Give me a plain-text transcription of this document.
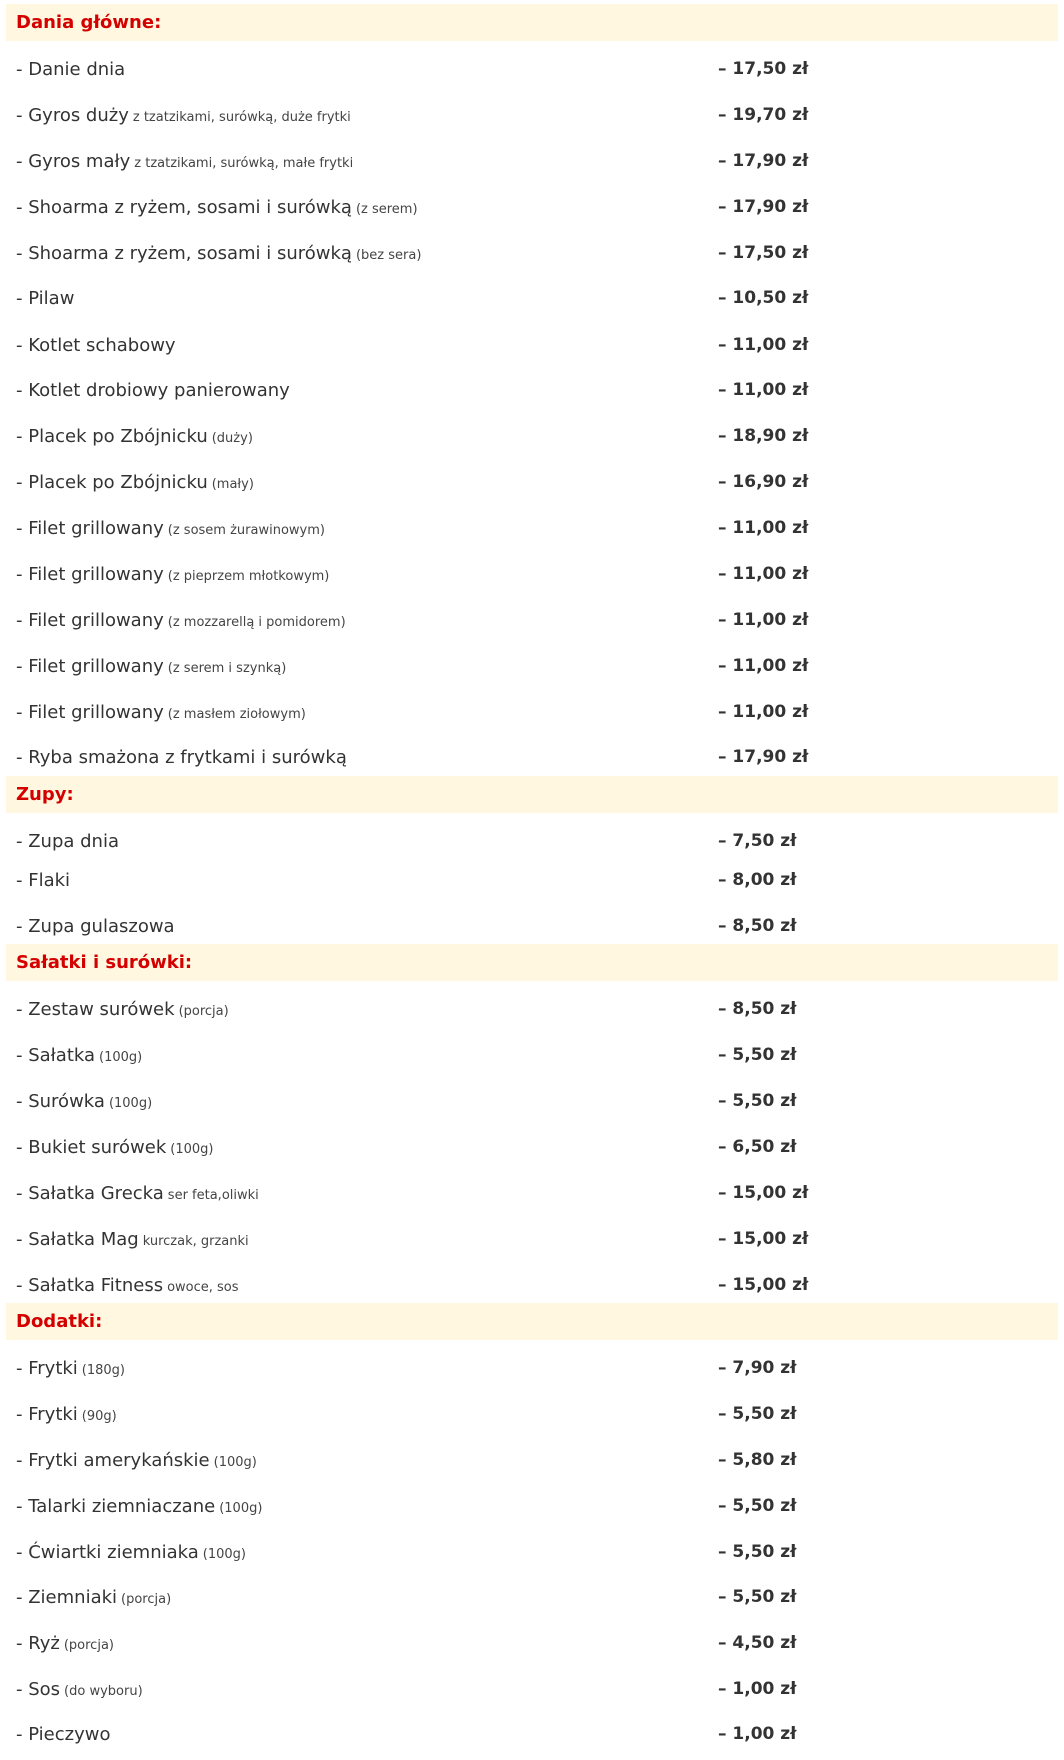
Dania główne:
- Danie dnia	– 17,50 zł
- Gyros duży z tzatzikami, surówką, duże frytki	– 19,70 zł
- Gyros mały z tzatzikami, surówką, małe frytki	– 17,90 zł
- Shoarma z ryżem, sosami i surówką (z serem)	– 17,90 zł
- Shoarma z ryżem, sosami i surówką (bez sera)	– 17,50 zł
- Pilaw	– 10,50 zł
- Kotlet schabowy	– 11,00 zł
- Kotlet drobiowy panierowany	– 11,00 zł
- Placek po Zbójnicku (duży)	– 18,90 zł
- Placek po Zbójnicku (mały)	– 16,90 zł
- Filet grillowany (z sosem żurawinowym)	– 11,00 zł
- Filet grillowany (z pieprzem młotkowym)	– 11,00 zł
- Filet grillowany (z mozzarellą i pomidorem)	– 11,00 zł
- Filet grillowany (z serem i szynką)	– 11,00 zł
- Filet grillowany (z masłem ziołowym)	– 11,00 zł
- Ryba smażona z frytkami i surówką	– 17,90 zł
Zupy:
- Zupa dnia	– 7,50 zł
- Flaki	– 8,00 zł
- Zupa gulaszowa	– 8,50 zł
Sałatki i surówki:
- Zestaw surówek (porcja)	– 8,50 zł
- Sałatka (100g)	– 5,50 zł
- Surówka (100g)	– 5,50 zł
- Bukiet surówek (100g)	– 6,50 zł
- Sałatka Grecka ser feta,oliwki	– 15,00 zł
- Sałatka Mag kurczak, grzanki	– 15,00 zł
- Sałatka Fitness owoce, sos	– 15,00 zł
Dodatki:
- Frytki (180g)	– 7,90 zł
- Frytki (90g)	– 5,50 zł
- Frytki amerykańskie (100g)	– 5,80 zł
- Talarki ziemniaczane (100g)	– 5,50 zł
- Ćwiartki ziemniaka (100g)	– 5,50 zł
- Ziemniaki (porcja)	– 5,50 zł
- Ryż (porcja)	– 4,50 zł
- Sos (do wyboru)	– 1,00 zł
- Pieczywo	– 1,00 zł
